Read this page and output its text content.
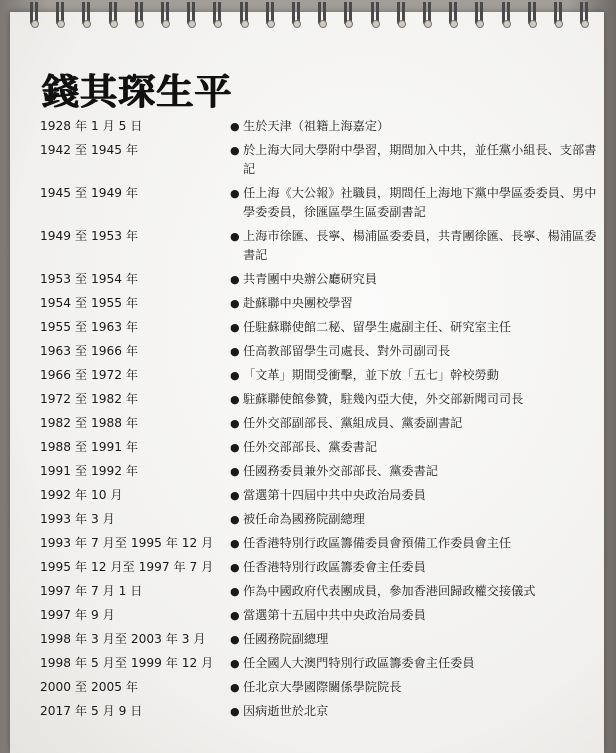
錢其琛生平
1928 年 1 月 5 日	● 生於天津（祖籍上海嘉定）
1942 至 1945 年	● 於上海大同大學附中學習，期間加入中共，並任黨小組長、支部書記
1945 至 1949 年	● 任上海《大公報》社職員，期間任上海地下黨中學區委委員、男中學委委員，徐匯區學生區委副書記
1949 至 1953 年	● 上海市徐匯、長寧、楊浦區委委員，共青團徐匯、長寧、楊浦區委書記
1953 至 1954 年	● 共青團中央辦公廳研究員
1954 至 1955 年	● 赴蘇聯中央團校學習
1955 至 1963 年	● 任駐蘇聯使館二秘、留學生處副主任、研究室主任
1963 至 1966 年	● 任高教部留學生司處長、對外司副司長
1966 至 1972 年	● 「文革」期間受衝擊，並下放「五七」幹校勞動
1972 至 1982 年	● 駐蘇聯使館參贊，駐幾內亞大使，外交部新聞司司長
1982 至 1988 年	● 任外交部副部長、黨組成員、黨委副書記
1988 至 1991 年	● 任外交部部長、黨委書記
1991 至 1992 年	● 任國務委員兼外交部部長、黨委書記
1992 年 10 月	● 當選第十四屆中共中央政治局委員
1993 年 3 月	● 被任命為國務院副總理
1993 年 7 月至 1995 年 12 月	● 任香港特別行政區籌備委員會預備工作委員會主任
1995 年 12 月至 1997 年 7 月	● 任香港特別行政區籌委會主任委員
1997 年 7 月 1 日	● 作為中國政府代表團成員，參加香港回歸政權交接儀式
1997 年 9 月	● 當選第十五屆中共中央政治局委員
1998 年 3 月至 2003 年 3 月	● 任國務院副總理
1998 年 5 月至 1999 年 12 月	● 任全國人大澳門特別行政區籌委會主任委員
2000 至 2005 年	● 任北京大學國際關係學院院長
2017 年 5 月 9 日	● 因病逝世於北京
